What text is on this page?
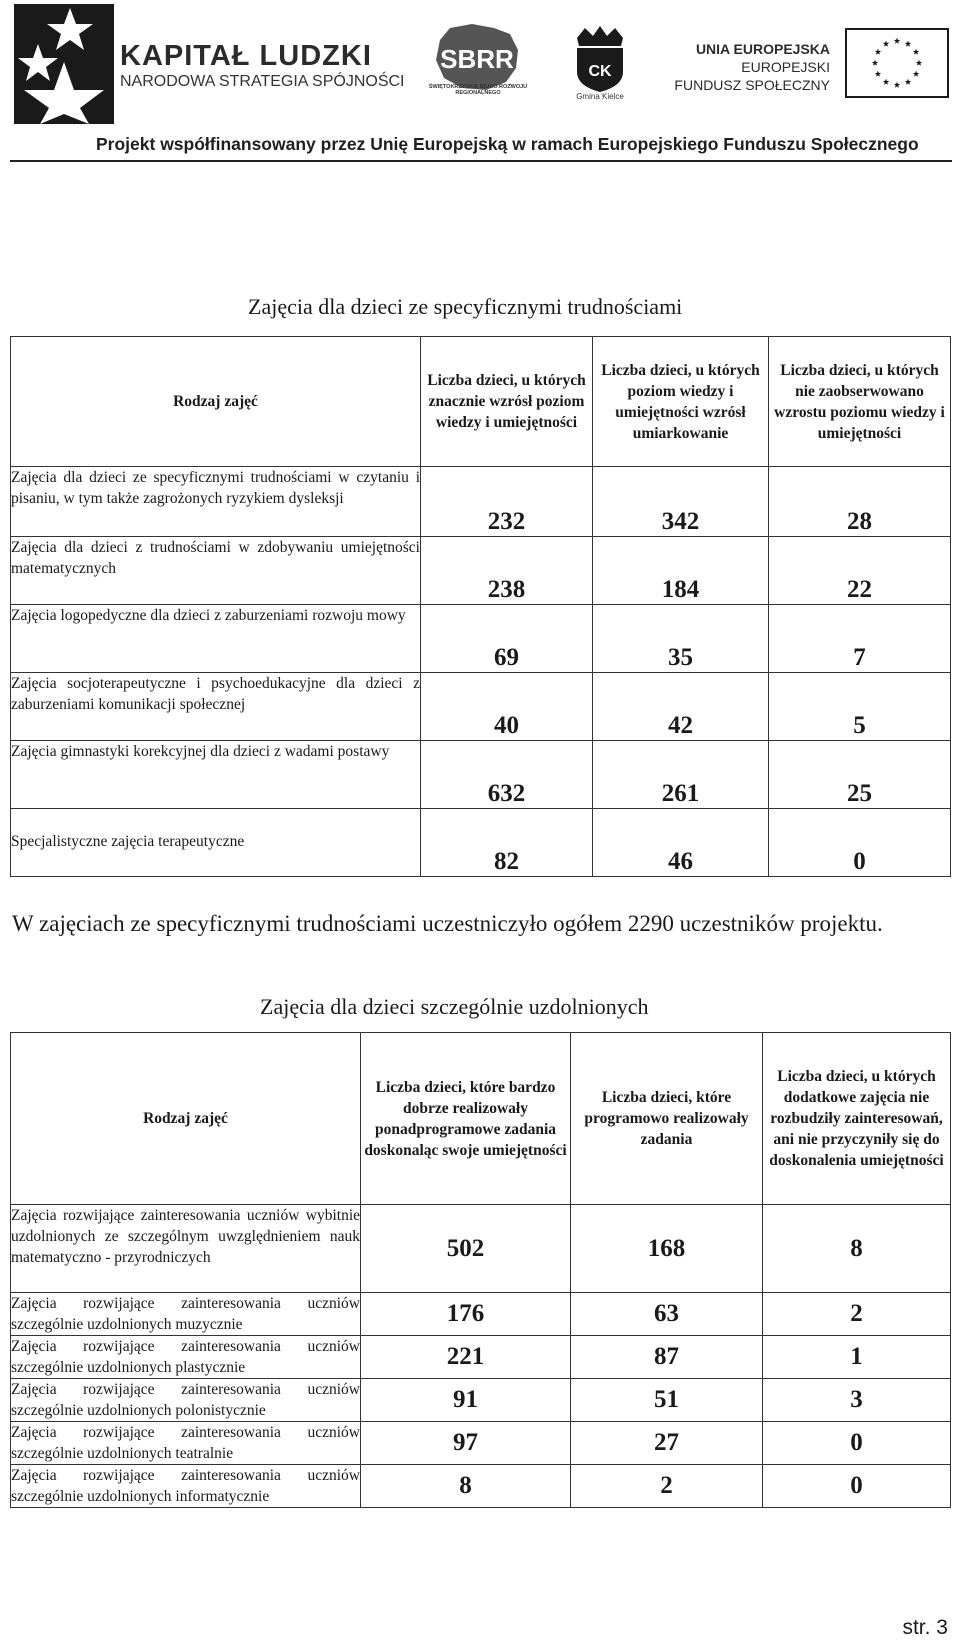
KAPITAŁ LUDZKI
NARODOWA STRATEGIA SPÓJNOŚCI
SBRR
ŚWIĘTOKRZYSKIE BIURO ROZWOJU REGIONALNEGO
CK
Gmina Kielce
UNIA EUROPEJSKA
EUROPEJSKI
FUNDUSZ SPOŁECZNY
Projekt współfinansowany przez Unię Europejską w ramach Europejskiego Funduszu Społecznego
Zajęcia dla dzieci ze specyficznymi trudnościami
Rodzaj zajęć	Liczba dzieci, u których znacznie wzrósł poziom wiedzy i umiejętności	Liczba dzieci, u których poziom wiedzy i umiejętności wzrósł umiarkowanie	Liczba dzieci, u których nie zaobserwowano wzrostu poziomu wiedzy i umiejętności
Zajęcia dla dzieci ze specyficznymi trudnościami w czytaniu i pisaniu, w tym także zagrożonych ryzykiem dysleksji	232	342	28
Zajęcia dla dzieci z trudnościami w zdobywaniu umiejętności matematycznych	238	184	22
Zajęcia logopedyczne dla dzieci z zaburzeniami rozwoju mowy	69	35	7
Zajęcia socjoterapeutyczne i psychoedukacyjne dla dzieci z zaburzeniami komunikacji społecznej	40	42	5
Zajęcia gimnastyki korekcyjnej dla dzieci z wadami postawy	632	261	25
Specjalistyczne zajęcia terapeutyczne	82	46	0
W zajęciach ze specyficznymi trudnościami uczestniczyło ogółem 2290 uczestników projektu.
Zajęcia dla dzieci szczególnie uzdolnionych
Rodzaj zajęć	Liczba dzieci, które bardzo dobrze realizowały ponadprogramowe zadania doskonaląc swoje umiejętności	Liczba dzieci, które programowo realizowały zadania	Liczba dzieci, u których dodatkowe zajęcia nie rozbudziły zainteresowań, ani nie przyczyniły się do doskonalenia umiejętności
Zajęcia rozwijające zainteresowania uczniów wybitnie uzdolnionych ze szczególnym uwzględnieniem nauk matematyczno - przyrodniczych	502	168	8
Zajęcia rozwijające zainteresowania uczniów szczególnie uzdolnionych muzycznie	176	63	2
Zajęcia rozwijające zainteresowania uczniów szczególnie uzdolnionych plastycznie	221	87	1
Zajęcia rozwijające zainteresowania uczniów szczególnie uzdolnionych polonistycznie	91	51	3
Zajęcia rozwijające zainteresowania uczniów szczególnie uzdolnionych teatralnie	97	27	0
Zajęcia rozwijające zainteresowania uczniów szczególnie uzdolnionych informatycznie	8	2	0
str. 3
